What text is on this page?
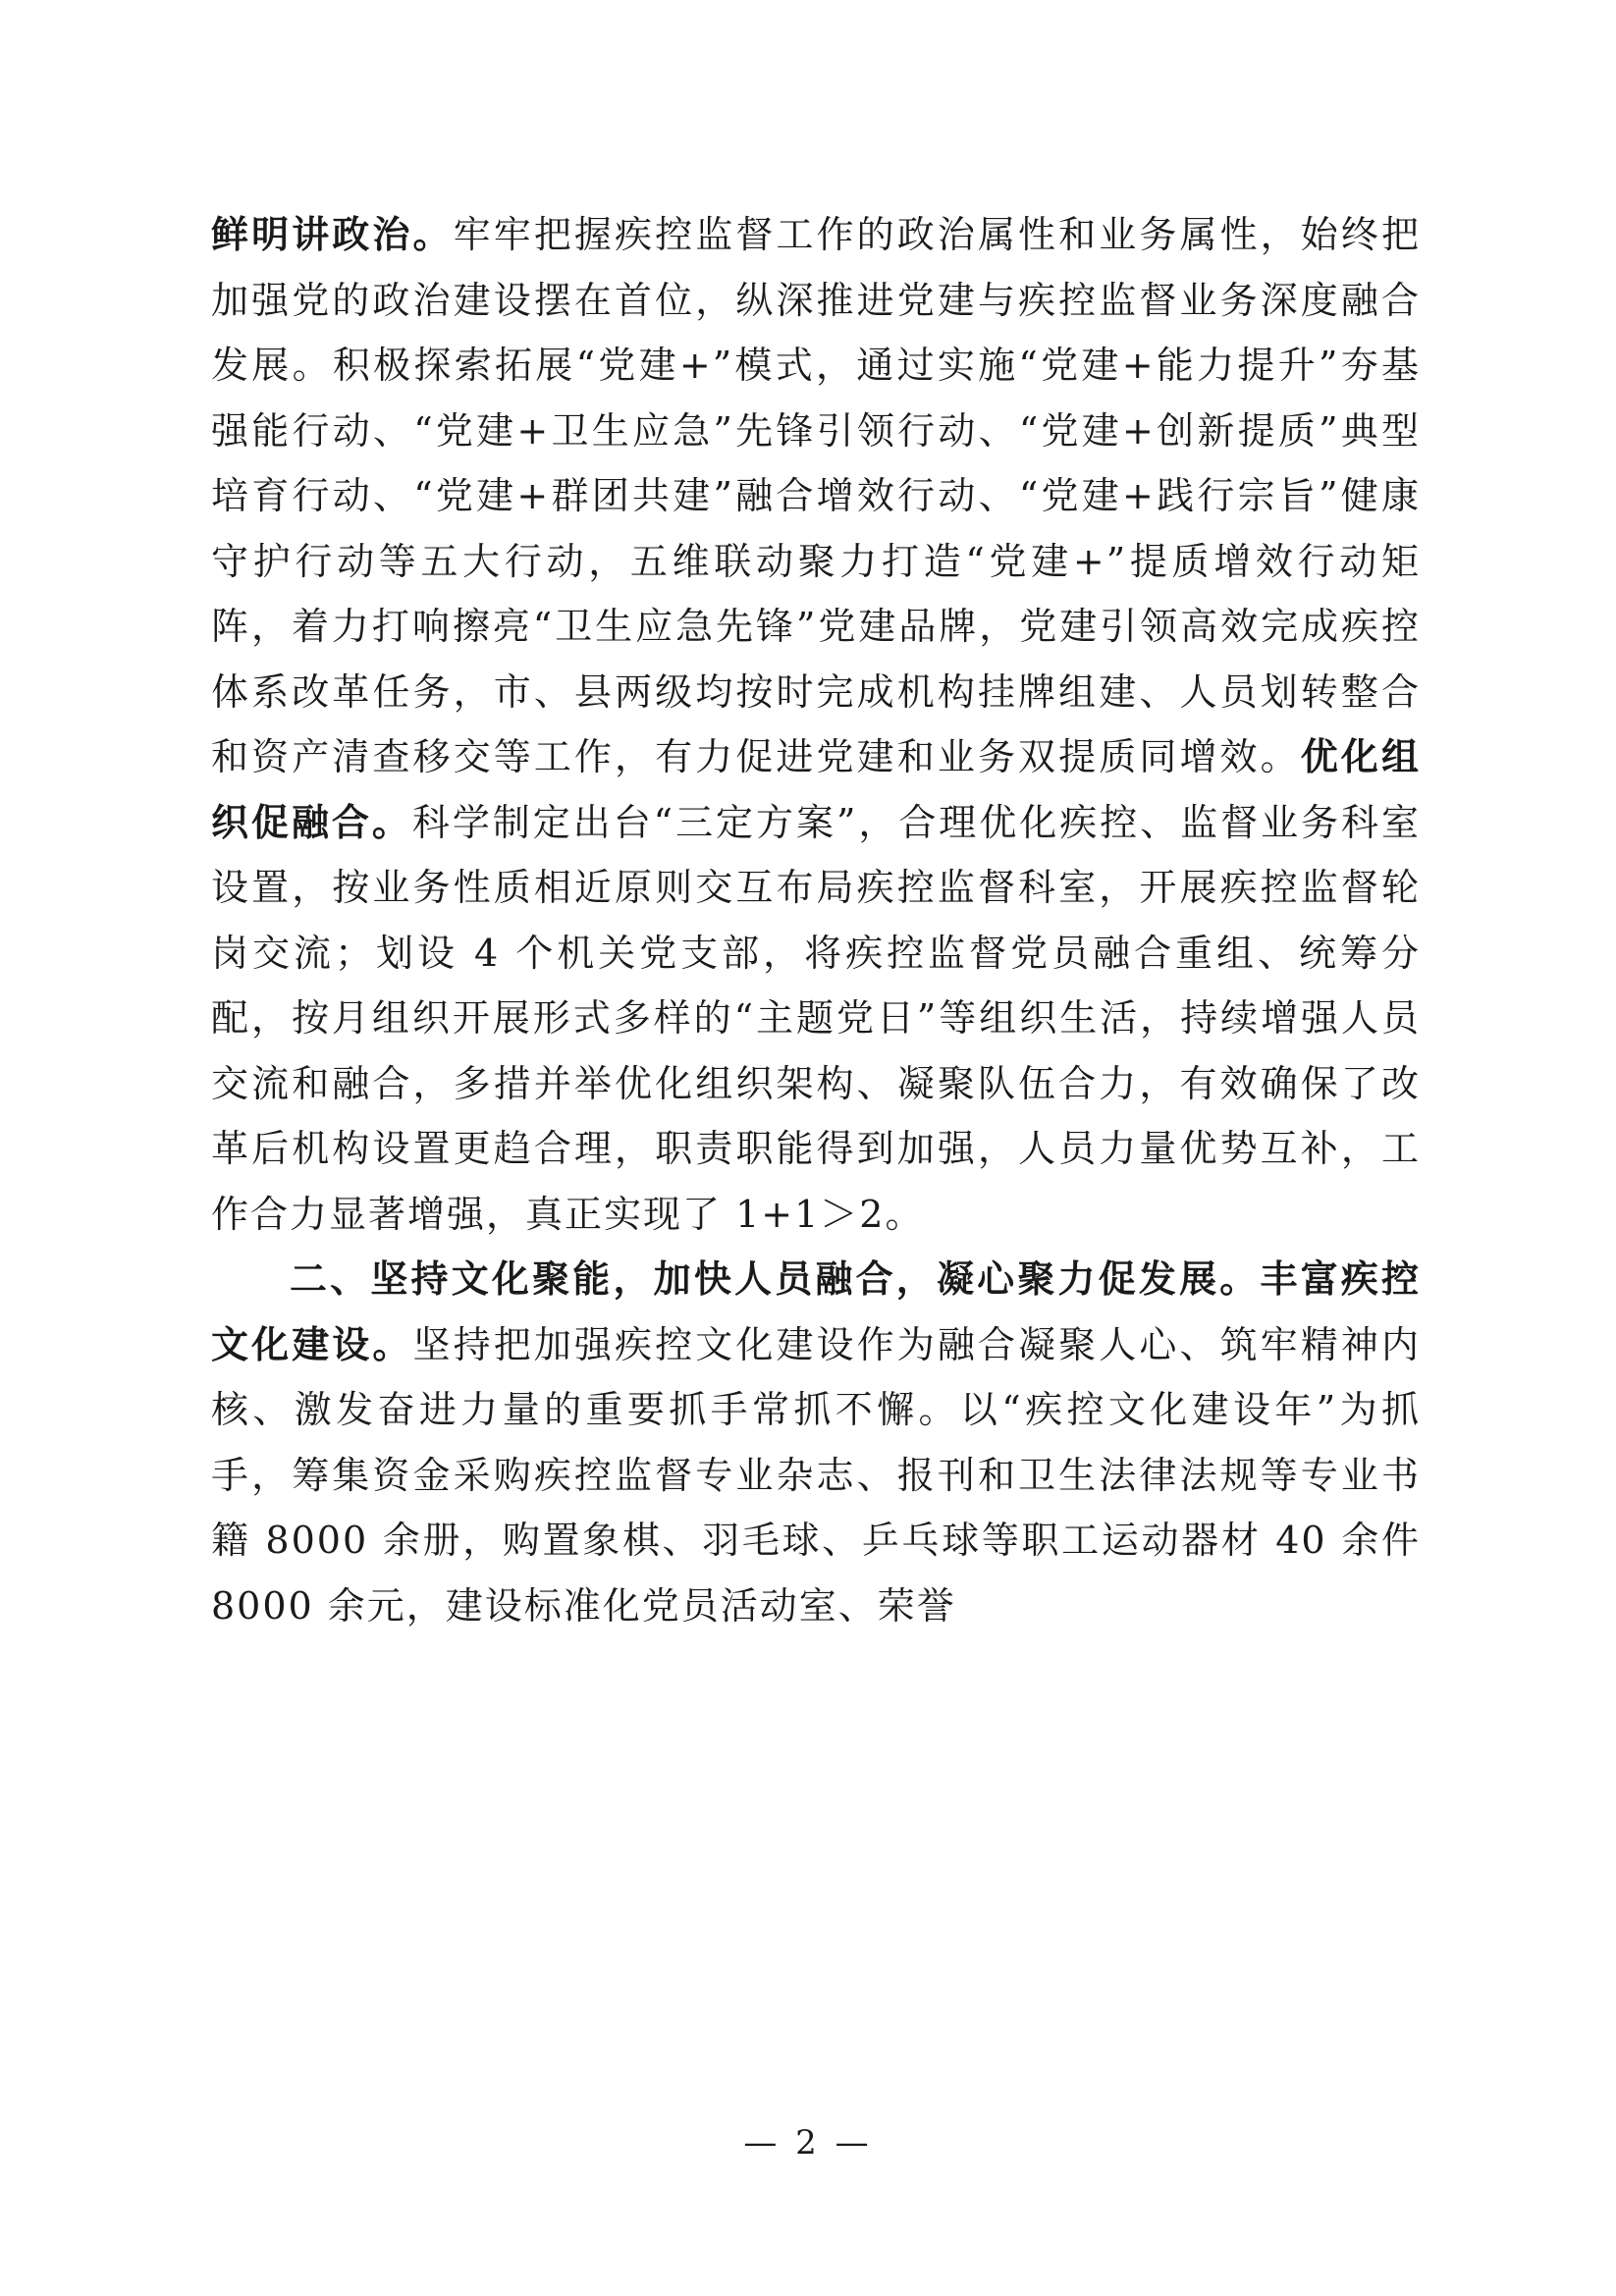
鲜明讲政治。牢牢把握疾控监督工作的政治属性和业务属性，始终把加强党的政治建设摆在首位，纵深推进党建与疾控监督业务深度融合发展。积极探索拓展“党建+”模式，通过实施“党建+能力提升”夯基强能行动、“党建+卫生应急”先锋引领行动、“党建+创新提质”典型培育行动、“党建+群团共建”融合增效行动、“党建+践行宗旨”健康守护行动等五大行动，五维联动聚力打造“党建+”提质增效行动矩阵，着力打响擦亮“卫生应急先锋”党建品牌，党建引领高效完成疾控体系改革任务，市、县两级均按时完成机构挂牌组建、人员划转整合和资产清查移交等工作，有力促进党建和业务双提质同增效。优化组织促融合。科学制定出台“三定方案”，合理优化疾控、监督业务科室设置，按业务性质相近原则交互布局疾控监督科室，开展疾控监督轮岗交流；划设 4 个机关党支部，将疾控监督党员融合重组、统筹分配，按月组织开展形式多样的“主题党日”等组织生活，持续增强人员交流和融合，多措并举优化组织架构、凝聚队伍合力，有效确保了改革后机构设置更趋合理，职责职能得到加强，人员力量优势互补，工作合力显著增强，真正实现了 1+1＞2。

二、坚持文化聚能，加快人员融合，凝心聚力促发展。丰富疾控文化建设。坚持把加强疾控文化建设作为融合凝聚人心、筑牢精神内核、激发奋进力量的重要抓手常抓不懈。以“疾控文化建设年”为抓手，筹集资金采购疾控监督专业杂志、报刊和卫生法律法规等专业书籍 8000 余册，购置象棋、羽毛球、乒乓球等职工运动器材 40 余件 8000 余元，建设标准化党员活动室、荣誉

— 2 —
